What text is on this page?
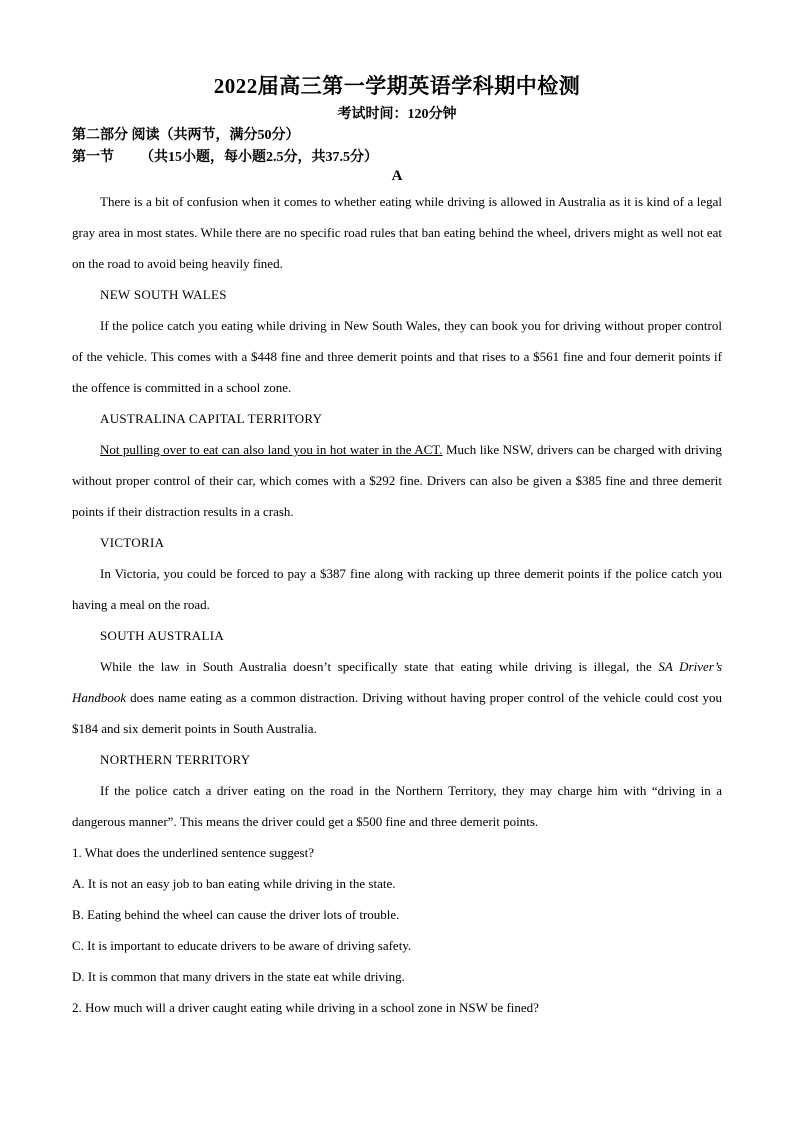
2022届高三第一学期英语学科期中检测
考试时间：120分钟
第二部分 阅读（共两节，满分50分）
第一节 （共15小题，每小题2.5分，共37.5分）
A

There is a bit of confusion when it comes to whether eating while driving is allowed in Australia as it is kind of a legal gray area in most states. While there are no specific road rules that ban eating behind the wheel, drivers might as well not eat on the road to avoid being heavily fined.

NEW SOUTH WALES

If the police catch you eating while driving in New South Wales, they can book you for driving without proper control of the vehicle. This comes with a $448 fine and three demerit points and that rises to a $561 fine and four demerit points if the offence is committed in a school zone.

AUSTRALINA CAPITAL TERRITORY

Not pulling over to eat can also land you in hot water in the ACT. Much like NSW, drivers can be charged with driving without proper control of their car, which comes with a $292 fine. Drivers can also be given a $385 fine and three demerit points if their distraction results in a crash.

VICTORIA

In Victoria, you could be forced to pay a $387 fine along with racking up three demerit points if the police catch you having a meal on the road.

SOUTH AUSTRALIA

While the law in South Australia doesn’t specifically state that eating while driving is illegal, the SA Driver’s Handbook does name eating as a common distraction. Driving without having proper control of the vehicle could cost you $184 and six demerit points in South Australia.

NORTHERN TERRITORY

If the police catch a driver eating on the road in the Northern Territory, they may charge him with “driving in a dangerous manner”. This means the driver could get a $500 fine and three demerit points.

1. What does the underlined sentence suggest?

A. It is not an easy job to ban eating while driving in the state.

B. Eating behind the wheel can cause the driver lots of trouble.

C. It is important to educate drivers to be aware of driving safety.

D. It is common that many drivers in the state eat while driving.

2. How much will a driver caught eating while driving in a school zone in NSW be fined?
